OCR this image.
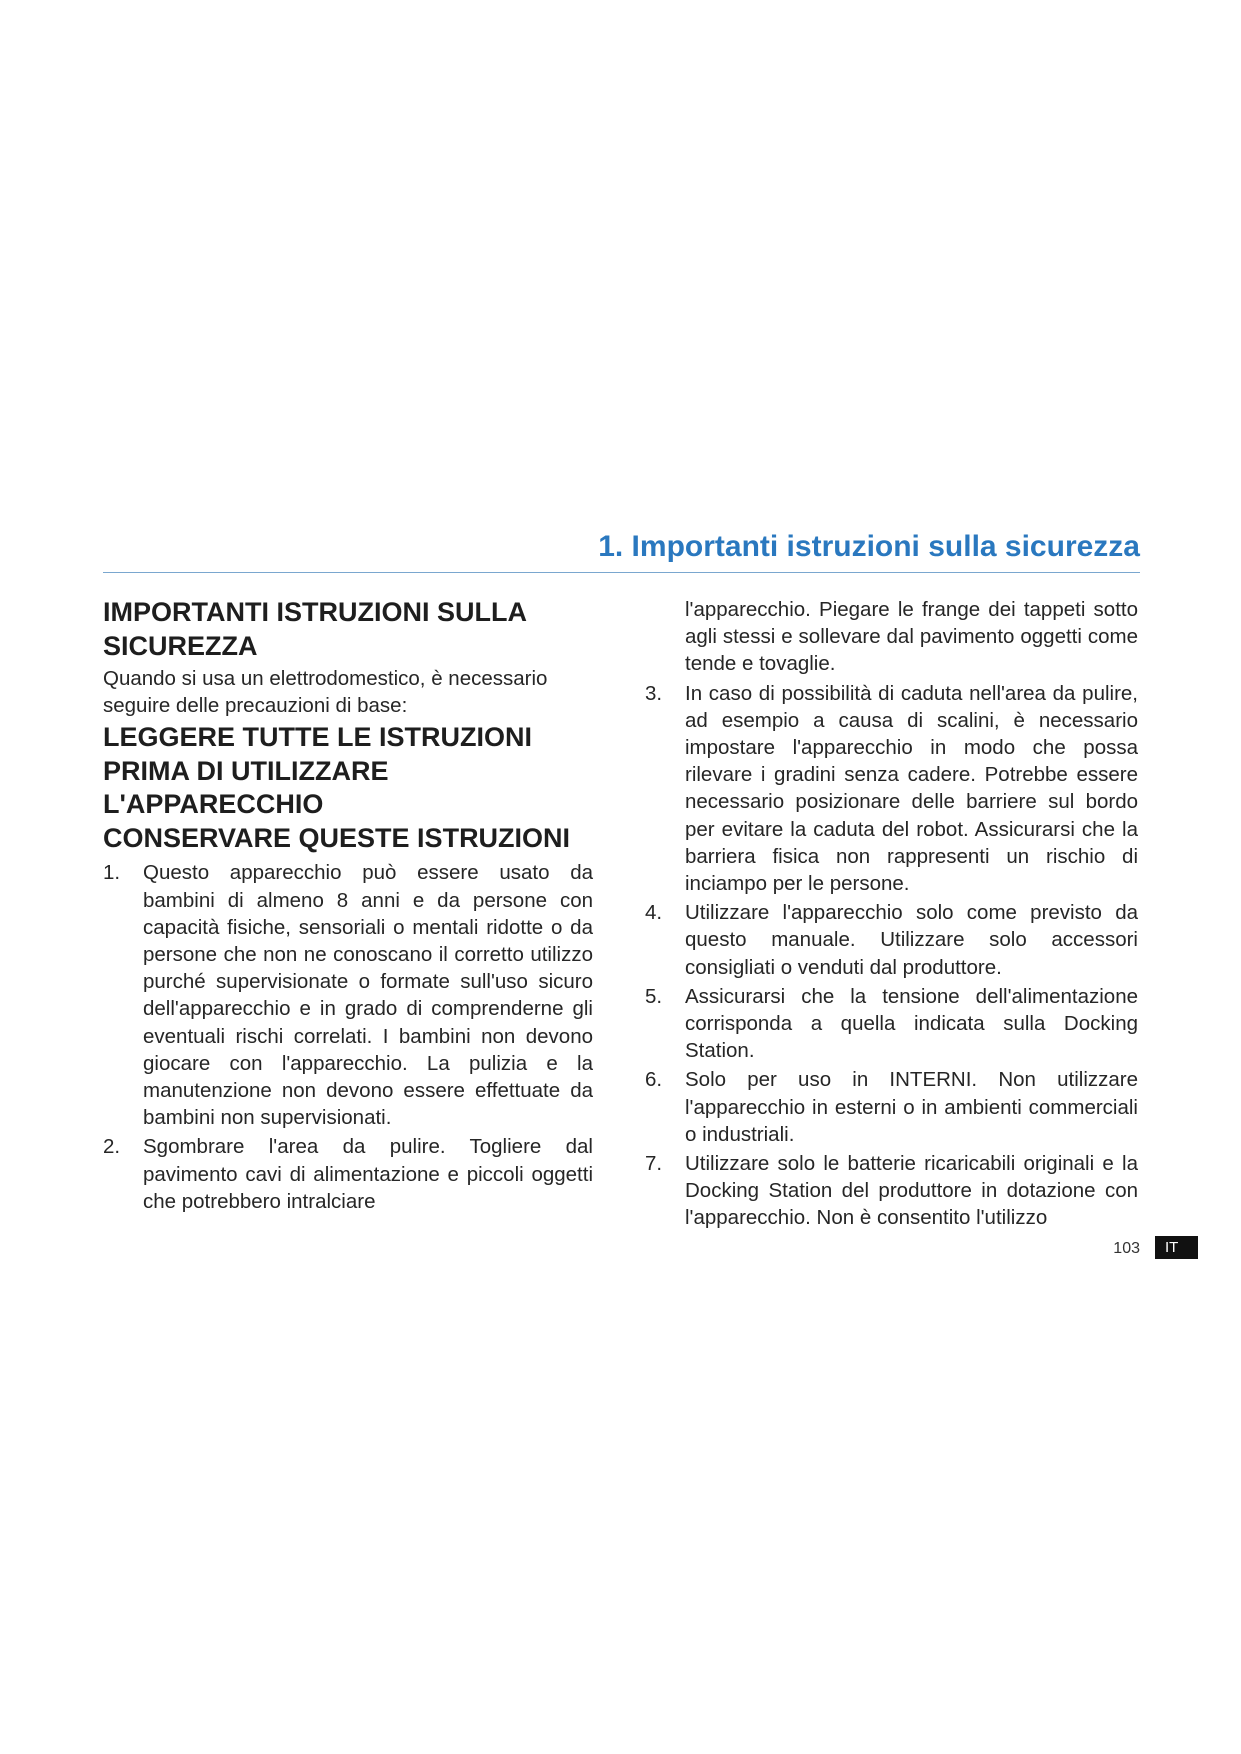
1. Importanti istruzioni sulla sicurezza
IMPORTANTI ISTRUZIONI SULLA SICUREZZA
Quando si usa un elettrodomestico, è necessario seguire delle precauzioni di base:
LEGGERE TUTTE LE ISTRUZIONI PRIMA DI UTILIZZARE L'APPARECCHIO
CONSERVARE QUESTE ISTRUZIONI
1.	Questo apparecchio può essere usato da bambini di almeno 8 anni e da persone con capacità fisiche, sensoriali o mentali ridotte o da persone che non ne conoscano il corretto utilizzo purché supervisionate o formate sull'uso sicuro dell'apparecchio e in grado di comprenderne gli eventuali rischi correlati. I bambini non devono giocare con l'apparecchio. La pulizia e la manutenzione non devono essere effettuate da bambini non supervisionati.
2.	Sgombrare l'area da pulire. Togliere dal pavimento cavi di alimentazione e piccoli oggetti che potrebbero intralciare
l'apparecchio. Piegare le frange dei tappeti sotto agli stessi e sollevare dal pavimento oggetti come tende e tovaglie.
3.	In caso di possibilità di caduta nell'area da pulire, ad esempio a causa di scalini, è necessario impostare l'apparecchio in modo che possa rilevare i gradini senza cadere. Potrebbe essere necessario posizionare delle barriere sul bordo per evitare la caduta del robot. Assicurarsi che la barriera fisica non rappresenti un rischio di inciampo per le persone.
4.	Utilizzare l'apparecchio solo come previsto da questo manuale. Utilizzare solo accessori consigliati o venduti dal produttore.
5.	Assicurarsi che la tensione dell'alimentazione corrisponda a quella indicata sulla Docking Station.
6.	Solo per uso in INTERNI. Non utilizzare l'apparecchio in esterni o in ambienti commerciali o industriali.
7.	Utilizzare solo le batterie ricaricabili originali e la Docking Station del produttore in dotazione con l'apparecchio. Non è consentito l'utilizzo
103	IT
